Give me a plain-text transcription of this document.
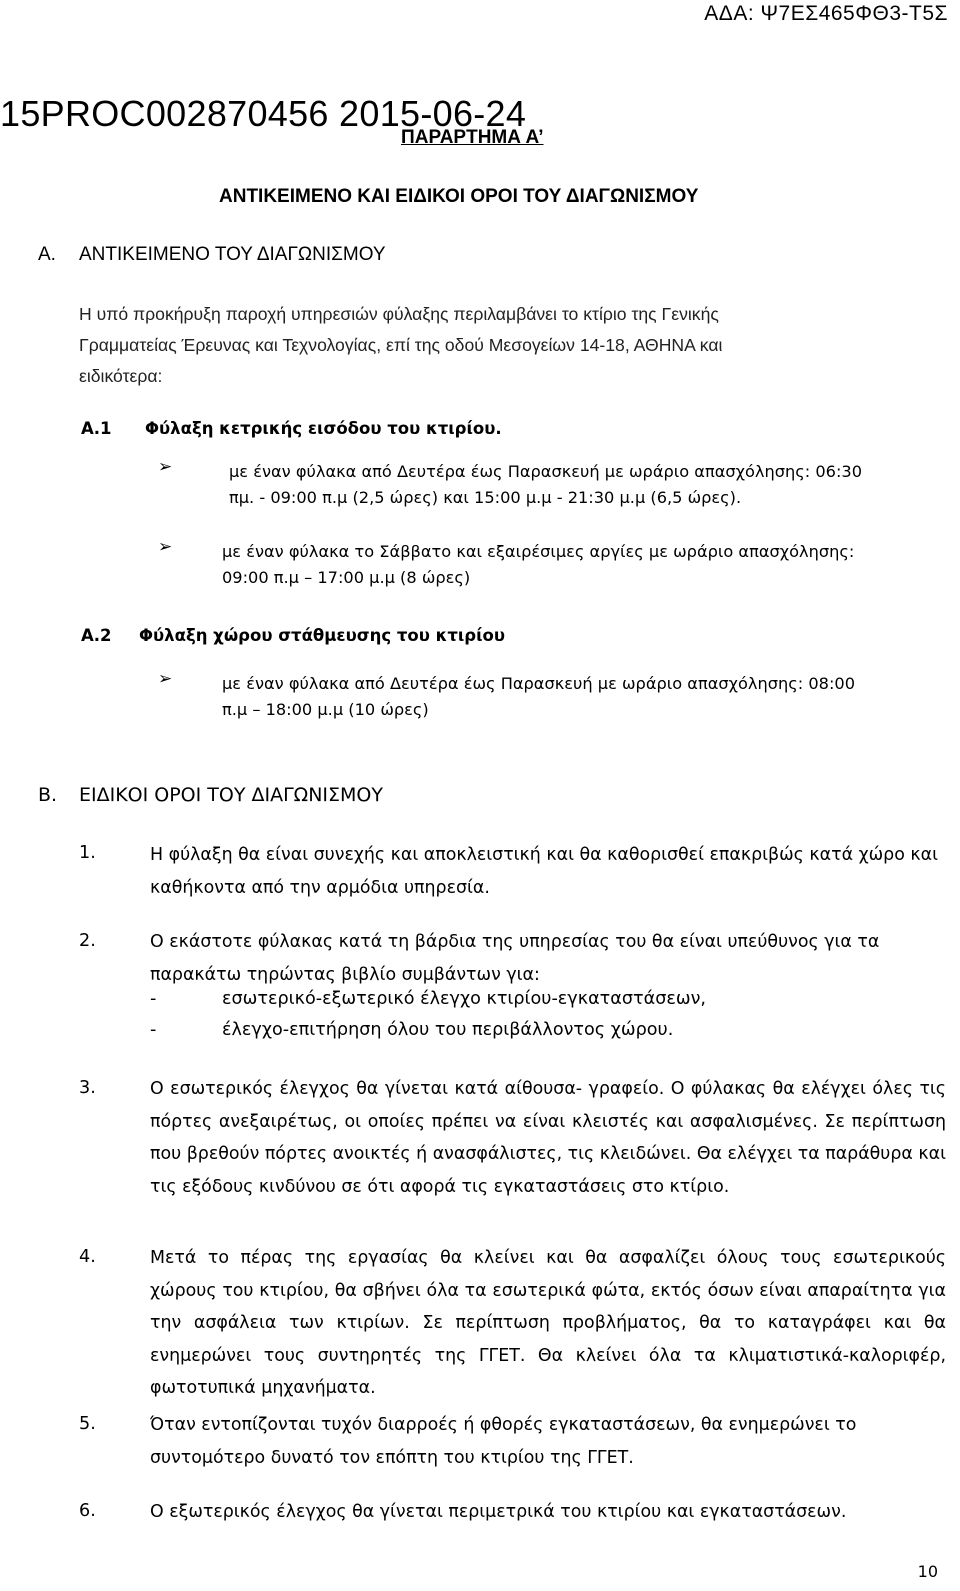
ΑΔΑ: Ψ7ΕΣ465ΦΘ3-Τ5Σ
15PROC002870456 2015-06-24
ΠΑΡΑΡΤΗΜΑ Α’
ΑΝΤΙΚΕΙΜΕΝΟ ΚΑΙ ΕΙΔΙΚΟΙ ΟΡΟΙ ΤΟΥ ΔΙΑΓΩΝΙΣΜΟΥ
Α. ΑΝΤΙΚΕΙΜΕΝΟ ΤΟΥ ΔΙΑΓΩΝΙΣΜΟΥ
Η υπό προκήρυξη παροχή υπηρεσιών φύλαξης περιλαμβάνει το κτίριο της Γενικής
Γραμματείας Έρευνας και Τεχνολογίας, επί της οδού Μεσογείων 14-18, ΑΘΗΝΑ και
ειδικότερα:
Α.1 Φύλαξη κετρικής εισόδου του κτιρίου.
➢	με έναν φύλακα από Δευτέρα έως Παρασκευή με ωράριο απασχόλησης: 06:30
πμ. - 09:00 π.μ (2,5 ώρες) και 15:00 μ.μ - 21:30 μ.μ (6,5 ώρες).
➢	με έναν φύλακα το Σάββατο και εξαιρέσιμες αργίες με ωράριο απασχόλησης:
09:00 π.μ – 17:00 μ.μ (8 ώρες)
Α.2 Φύλαξη χώρου στάθμευσης του κτιρίου
➢	με έναν φύλακα από Δευτέρα έως Παρασκευή με ωράριο απασχόλησης: 08:00
π.μ – 18:00 μ.μ (10 ώρες)
Β. ΕΙΔΙΚΟΙ ΟΡΟΙ ΤΟΥ ΔΙΑΓΩΝΙΣΜΟΥ
1.	Η φύλαξη θα είναι συνεχής και αποκλειστική και θα καθορισθεί επακριβώς κατά χώρο και καθήκοντα από την αρμόδια υπηρεσία.
2.	Ο εκάστοτε φύλακας κατά τη βάρδια της υπηρεσίας του θα είναι υπεύθυνος για τα παρακάτω τηρώντας βιβλίο συμβάντων για:
-	εσωτερικό-εξωτερικό έλεγχο κτιρίου-εγκαταστάσεων,
-	έλεγχο-επιτήρηση όλου του περιβάλλοντος χώρου.
3.	Ο εσωτερικός έλεγχος θα γίνεται κατά αίθουσα- γραφείο. Ο φύλακας θα ελέγχει όλες τις πόρτες ανεξαιρέτως, οι οποίες πρέπει να είναι κλειστές και ασφαλισμένες. Σε περίπτωση που βρεθούν πόρτες ανοικτές ή ανασφάλιστες, τις κλειδώνει. Θα ελέγχει τα παράθυρα και τις εξόδους κινδύνου σε ότι αφορά τις εγκαταστάσεις στο κτίριο.
4.	Μετά το πέρας της εργασίας θα κλείνει και θα ασφαλίζει όλους τους εσωτερικούς χώρους του κτιρίου, θα σβήνει όλα τα εσωτερικά φώτα, εκτός όσων είναι απαραίτητα για την ασφάλεια των κτιρίων. Σε περίπτωση προβλήματος, θα το καταγράφει και θα ενημερώνει τους συντηρητές της ΓΓΕΤ. Θα κλείνει όλα τα κλιματιστικά-καλοριφέρ, φωτοτυπικά μηχανήματα.
5.	Όταν εντοπίζονται τυχόν διαρροές ή φθορές εγκαταστάσεων, θα ενημερώνει το συντομότερο δυνατό τον επόπτη του κτιρίου της ΓΓΕΤ.
6.	Ο εξωτερικός έλεγχος θα γίνεται περιμετρικά του κτιρίου και εγκαταστάσεων.
10
